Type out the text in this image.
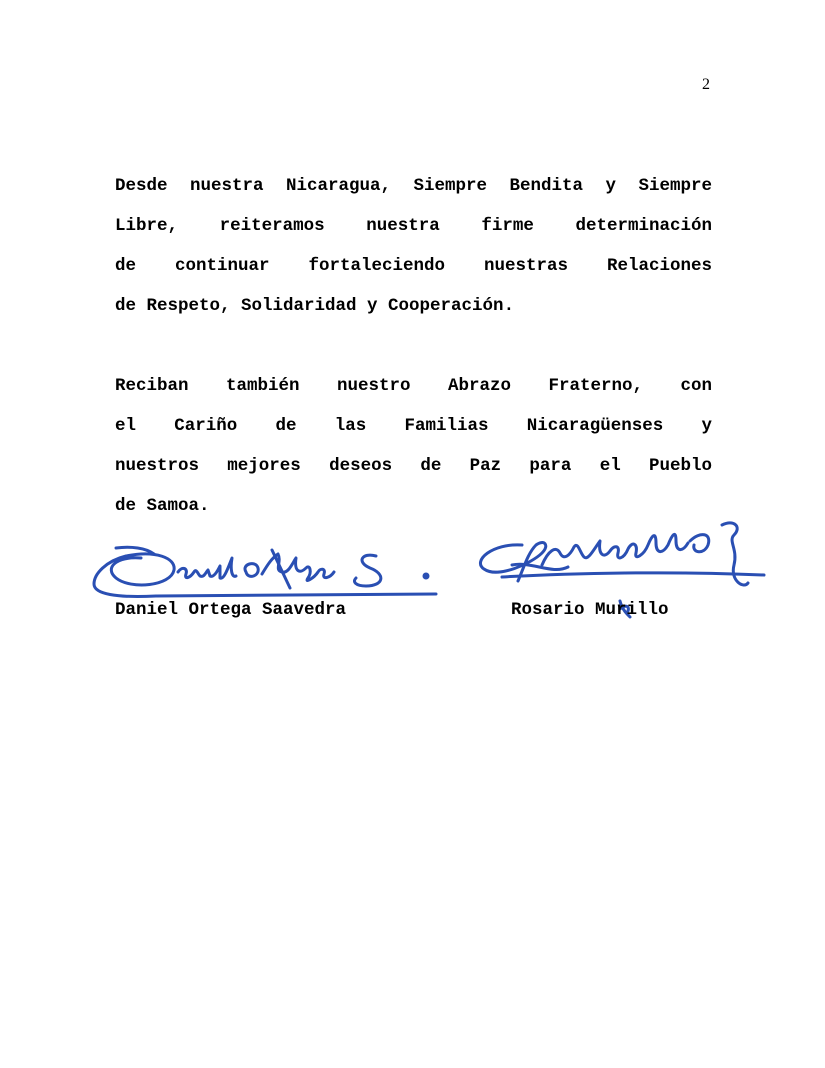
2

Desde nuestra Nicaragua, Siempre Bendita y Siempre
Libre, reiteramos nuestra firme determinación
de continuar fortaleciendo nuestras Relaciones
de Respeto, Solidaridad y Cooperación.

Reciban también nuestro Abrazo Fraterno, con
el Cariño de las Familias Nicaragüenses y
nuestros mejores deseos de Paz para el Pueblo
de Samoa.

Daniel Ortega Saavedra	Rosario Murillo
